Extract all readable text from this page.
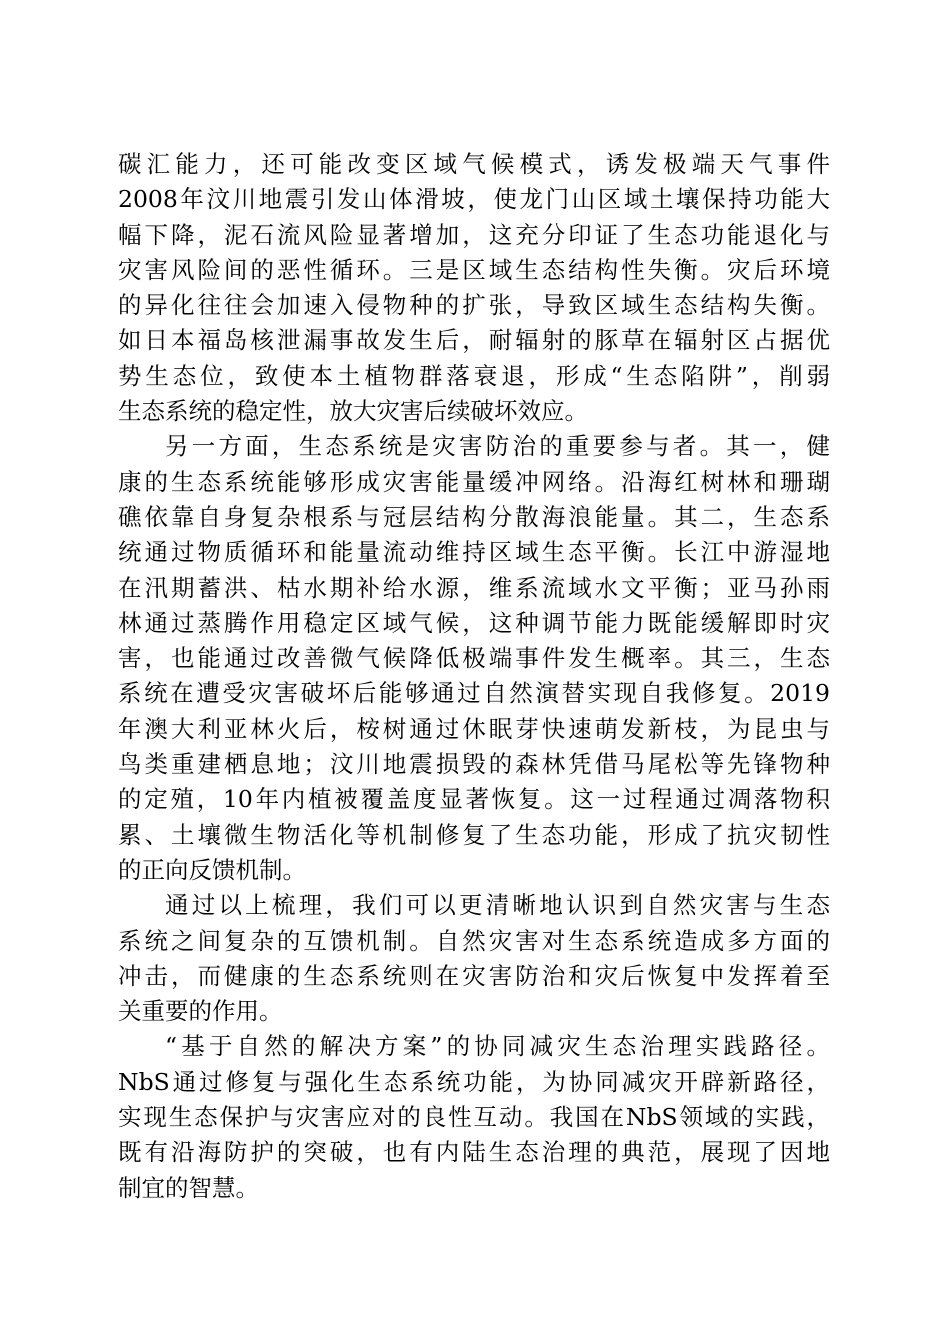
碳汇能力，还可能改变区域气候模式，诱发极端天气事件
2008年汶川地震引发山体滑坡，使龙门山区域土壤保持功能大
幅下降，泥石流风险显著增加，这充分印证了生态功能退化与
灾害风险间的恶性循环。三是区域生态结构性失衡。灾后环境
的异化往往会加速入侵物种的扩张，导致区域生态结构失衡。
如日本福岛核泄漏事故发生后，耐辐射的豚草在辐射区占据优
势生态位，致使本土植物群落衰退，形成“生态陷阱”，削弱
生态系统的稳定性，放大灾害后续破坏效应。
另一方面，生态系统是灾害防治的重要参与者。其一，健
康的生态系统能够形成灾害能量缓冲网络。沿海红树林和珊瑚
礁依靠自身复杂根系与冠层结构分散海浪能量。其二，生态系
统通过物质循环和能量流动维持区域生态平衡。长江中游湿地
在汛期蓄洪、枯水期补给水源，维系流域水文平衡；亚马孙雨
林通过蒸腾作用稳定区域气候，这种调节能力既能缓解即时灾
害，也能通过改善微气候降低极端事件发生概率。其三，生态
系统在遭受灾害破坏后能够通过自然演替实现自我修复。2019
年澳大利亚林火后，桉树通过休眠芽快速萌发新枝，为昆虫与
鸟类重建栖息地；汶川地震损毁的森林凭借马尾松等先锋物种
的定殖，10年内植被覆盖度显著恢复。这一过程通过凋落物积
累、土壤微生物活化等机制修复了生态功能，形成了抗灾韧性
的正向反馈机制。
通过以上梳理，我们可以更清晰地认识到自然灾害与生态
系统之间复杂的互馈机制。自然灾害对生态系统造成多方面的
冲击，而健康的生态系统则在灾害防治和灾后恢复中发挥着至
关重要的作用。
“基于自然的解决方案”的协同减灾生态治理实践路径。
NbS通过修复与强化生态系统功能，为协同减灾开辟新路径，
实现生态保护与灾害应对的良性互动。我国在NbS领域的实践，
既有沿海防护的突破，也有内陆生态治理的典范，展现了因地
制宜的智慧。
